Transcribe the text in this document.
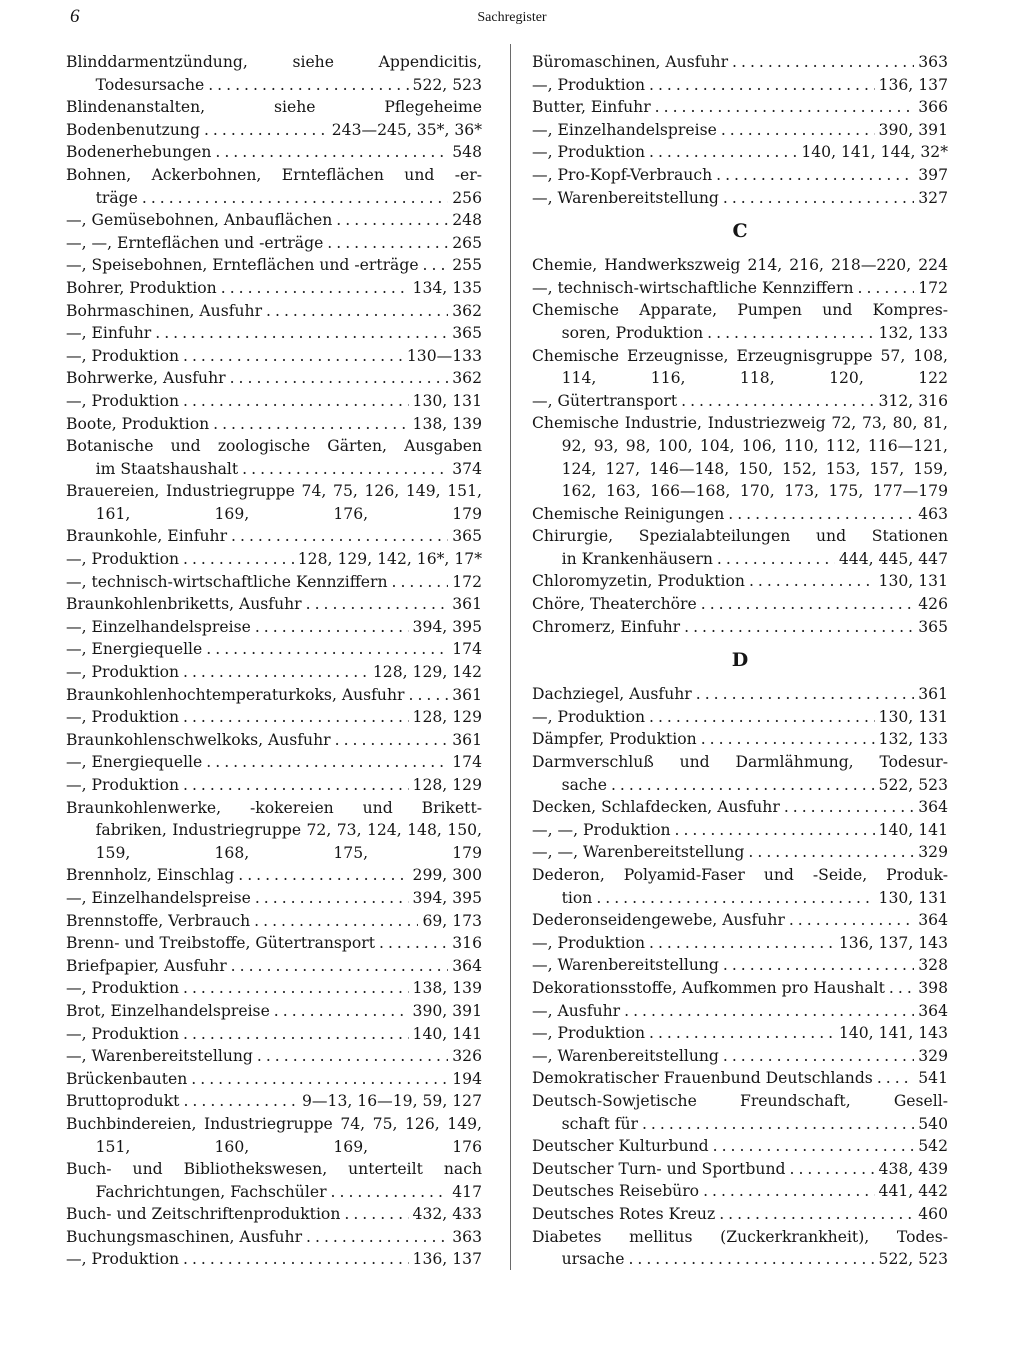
6	Sachregister
Blinddarmentzündung, siehe Appendicitis,
Todesursache .....	522, 523
Blindenanstalten, siehe Pflegeheime
Bodenbenutzung .....	243—245, 35*, 36*
Bodenerhebungen .....	548
Bohnen, Ackerbohnen, Ernteflächen und -er-
träge .....	256
—, Gemüsebohnen, Anbauflächen .....	248
—, —, Ernteflächen und -erträge .....	265
—, Speisebohnen, Ernteflächen und -erträge ..... 255
Bohrer, Produktion .....	134, 135
Bohrmaschinen, Ausfuhr .....	362
—, Einfuhr .....	365
—, Produktion .....	130—133
Bohrwerke, Ausfuhr .....	362
—, Produktion .....	130, 131
Boote, Produktion .....	138, 139
Botanische und zoologische Gärten, Ausgaben
im Staatshaushalt .....	374
Brauereien, Industriegruppe 74, 75, 126, 149, 151,
161, 169, 176, 179
Braunkohle, Einfuhr .....	365
—, Produktion .....	128, 129, 142, 16*, 17*
—, technisch-wirtschaftliche Kennziffern .....	172
Braunkohlenbriketts, Ausfuhr .....	361
—, Einzelhandelspreise .....	394, 395
—, Energiequelle .....	174
—, Produktion .....	128, 129, 142
Braunkohlenhochtemperaturkoks, Ausfuhr .....	361
—, Produktion .....	128, 129
Braunkohlenschwelkoks, Ausfuhr .....	361
—, Energiequelle .....	174
—, Produktion .....	128, 129
Braunkohlenwerke, -kokereien und Brikett-
fabriken, Industriegruppe 72, 73, 124, 148, 150,
159, 168, 175, 179
Brennholz, Einschlag .....	299, 300
—, Einzelhandelspreise .....	394, 395
Brennstoffe, Verbrauch .....	69, 173
Brenn- und Treibstoffe, Gütertransport .....	316
Briefpapier, Ausfuhr .....	364
—, Produktion .....	138, 139
Brot, Einzelhandelspreise .....	390, 391
—, Produktion .....	140, 141
—, Warenbereitstellung .....	326
Brückenbauten .....	194
Bruttoprodukt .....	9—13, 16—19, 59, 127
Buchbindereien, Industriegruppe 74, 75, 126, 149,
151, 160, 169, 176
Buch- und Bibliothekswesen, unterteilt nach
Fachrichtungen, Fachschüler .....	417
Buch- und Zeitschriftenproduktion .....	432, 433
Buchungsmaschinen, Ausfuhr .....	363
—, Produktion .....	136, 137
Büromaschinen, Ausfuhr .....	363
—, Produktion .....	136, 137
Butter, Einfuhr .....	366
—, Einzelhandelspreise .....	390, 391
—, Produktion .....	140, 141, 144, 32*
—, Pro-Kopf-Verbrauch .....	397
—, Warenbereitstellung .....	327
C
Chemie, Handwerkszweig 214, 216, 218—220, 224
—, technisch-wirtschaftliche Kennziffern .....	172
Chemische Apparate, Pumpen und Kompres-
soren, Produktion .....	132, 133
Chemische Erzeugnisse, Erzeugnisgruppe 57, 108,
114, 116, 118, 120, 122
—, Gütertransport .....	312, 316
Chemische Industrie, Industriezweig 72, 73, 80, 81,
92, 93, 98, 100, 104, 106, 110, 112, 116—121,
124, 127, 146—148, 150, 152, 153, 157, 159,
162, 163, 166—168, 170, 173, 175, 177—179
Chemische Reinigungen .....	463
Chirurgie, Spezialabteilungen und Stationen
in Krankenhäusern .....	444, 445, 447
Chloromyzetin, Produktion .....	130, 131
Chöre, Theaterchöre .....	426
Chromerz, Einfuhr .....	365
D
Dachziegel, Ausfuhr .....	361
—, Produktion .....	130, 131
Dämpfer, Produktion .....	132, 133
Darmverschluß und Darmlähmung, Todesur-
sache .....	522, 523
Decken, Schlafdecken, Ausfuhr .....	364
—, —, Produktion .....	140, 141
—, —, Warenbereitstellung .....	329
Dederon, Polyamid-Faser und -Seide, Produk-
tion .....	130, 131
Dederonseidengewebe, Ausfuhr .....	364
—, Produktion .....	136, 137, 143
—, Warenbereitstellung .....	328
Dekorationsstoffe, Aufkommen pro Haushalt ..... 398
—, Ausfuhr .....	364
—, Produktion .....	140, 141, 143
—, Warenbereitstellung .....	329
Demokratischer Frauenbund Deutschlands .....	541
Deutsch-Sowjetische Freundschaft, Gesell-
schaft für .....	540
Deutscher Kulturbund .....	542
Deutscher Turn- und Sportbund .....	438, 439
Deutsches Reisebüro .....	441, 442
Deutsches Rotes Kreuz .....	460
Diabetes mellitus (Zuckerkrankheit), Todes-
ursache .....	522, 523
